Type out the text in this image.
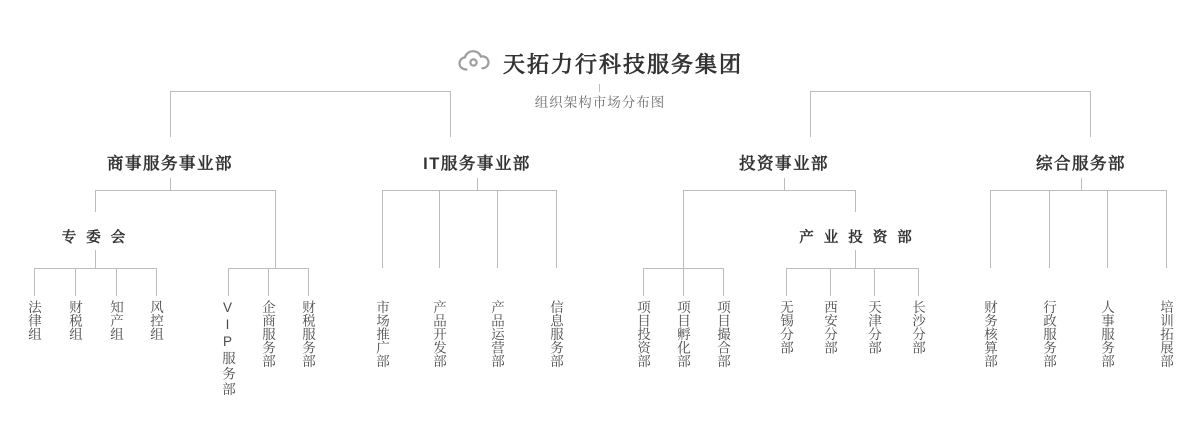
天拓力行科技服务集团
组织架构市场分布图
商事服务事业部	IT服务事业部	投资事业部	综合服务部
专 委 会
法律组 财税组 知产组 风控组	VIP服务部 企商服务部 财税服务部	市场推广部	产品开发部	产品运营部	信息服务部	项目投资部 项目孵化部 项目撮合部
产 业 投 资 部
无锡分部 西安分部 天津分部 长沙分部	财务核算部	行政服务部	人事服务部	培训拓展部
